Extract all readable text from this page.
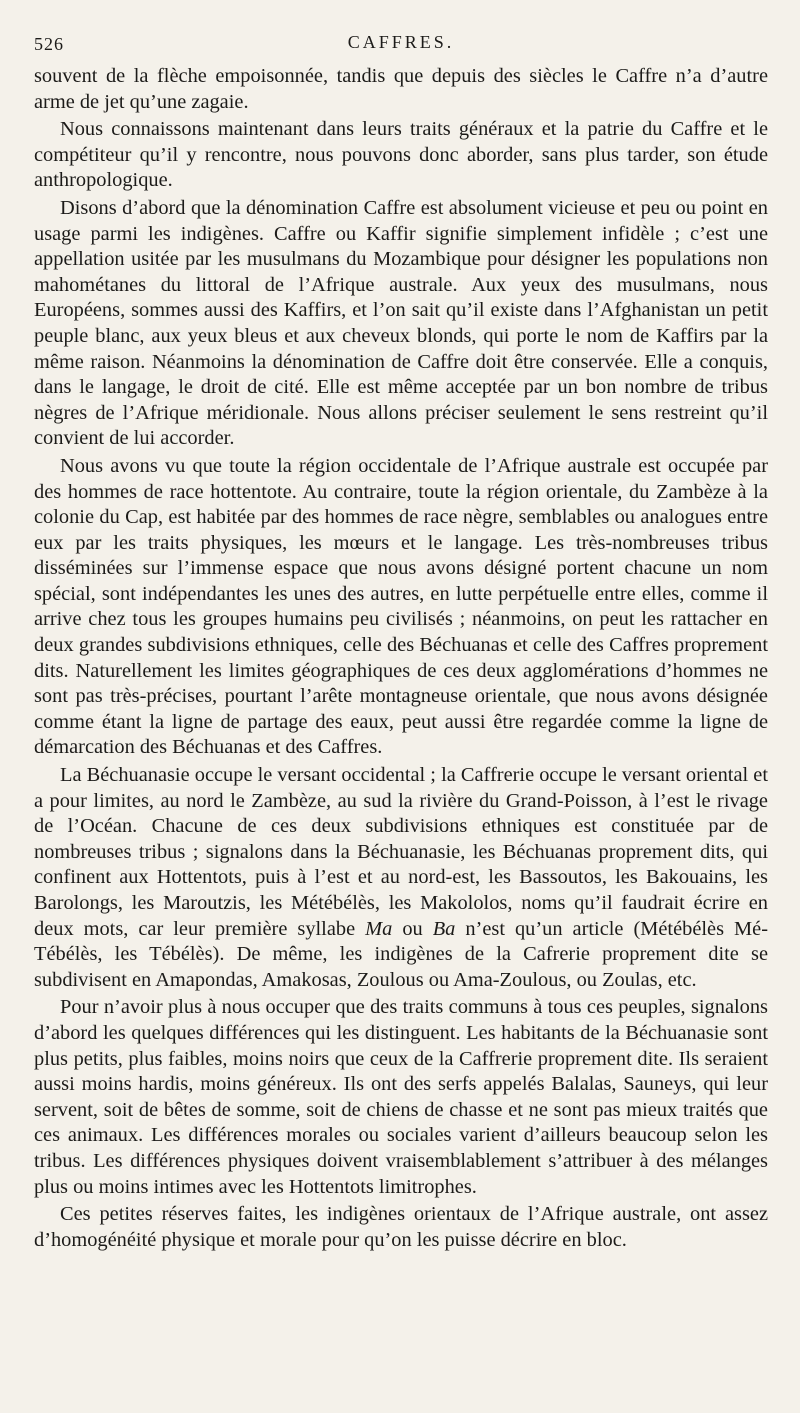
526	CAFFRES.

souvent de la flèche empoisonnée, tandis que depuis des siècles le Caffre n’a d’autre arme de jet qu’une zagaie.

Nous connaissons maintenant dans leurs traits généraux et la patrie du Caffre et le compétiteur qu’il y rencontre, nous pouvons donc aborder, sans plus tarder, son étude anthropologique.

Disons d’abord que la dénomination Caffre est absolument vicieuse et peu ou point en usage parmi les indigènes. Caffre ou Kaffir signifie simplement infidèle ; c’est une appellation usitée par les musulmans du Mozambique pour désigner les populations non mahométanes du littoral de l’Afrique australe. Aux yeux des musulmans, nous Européens, sommes aussi des Kaffirs, et l’on sait qu’il existe dans l’Afghanistan un petit peuple blanc, aux yeux bleus et aux cheveux blonds, qui porte le nom de Kaffirs par la même raison. Néanmoins la dénomination de Caffre doit être conservée. Elle a conquis, dans le langage, le droit de cité. Elle est même acceptée par un bon nombre de tribus nègres de l’Afrique méridionale. Nous allons préciser seulement le sens restreint qu’il convient de lui accorder.

Nous avons vu que toute la région occidentale de l’Afrique australe est occupée par des hommes de race hottentote. Au contraire, toute la région orientale, du Zambèze à la colonie du Cap, est habitée par des hommes de race nègre, semblables ou analogues entre eux par les traits physiques, les mœurs et le langage. Les très-nombreuses tribus disséminées sur l’immense espace que nous avons désigné portent chacune un nom spécial, sont indépendantes les unes des autres, en lutte perpétuelle entre elles, comme il arrive chez tous les groupes humains peu civilisés ; néanmoins, on peut les rattacher en deux grandes subdivisions ethniques, celle des Béchuanas et celle des Caffres proprement dits. Naturellement les limites géographiques de ces deux agglomérations d’hommes ne sont pas très-précises, pourtant l’arête montagneuse orientale, que nous avons désignée comme étant la ligne de partage des eaux, peut aussi être regardée comme la ligne de démarcation des Béchuanas et des Caffres.

La Béchuanasie occupe le versant occidental ; la Caffrerie occupe le versant oriental et a pour limites, au nord le Zambèze, au sud la rivière du Grand-Poisson, à l’est le rivage de l’Océan. Chacune de ces deux subdivisions ethniques est constituée par de nombreuses tribus ; signalons dans la Béchuanasie, les Béchuanas proprement dits, qui confinent aux Hottentots, puis à l’est et au nord-est, les Bassoutos, les Bakouains, les Barolongs, les Maroutzis, les Métébélès, les Makololos, noms qu’il faudrait écrire en deux mots, car leur première syllabe Ma ou Ba n’est qu’un article (Métébélès Mé-Tébélès, les Tébélès). De même, les indigènes de la Cafrerie proprement dite se subdivisent en Amapondas, Amakosas, Zoulous ou Ama-Zoulous, ou Zoulas, etc.

Pour n’avoir plus à nous occuper que des traits communs à tous ces peuples, signalons d’abord les quelques différences qui les distinguent. Les habitants de la Béchuanasie sont plus petits, plus faibles, moins noirs que ceux de la Caffrerie proprement dite. Ils seraient aussi moins hardis, moins généreux. Ils ont des serfs appelés Balalas, Sauneys, qui leur servent, soit de bêtes de somme, soit de chiens de chasse et ne sont pas mieux traités que ces animaux. Les différences morales ou sociales varient d’ailleurs beaucoup selon les tribus. Les différences physiques doivent vraisemblablement s’attribuer à des mélanges plus ou moins intimes avec les Hottentots limitrophes.

Ces petites réserves faites, les indigènes orientaux de l’Afrique australe, ont assez d’homogénéité physique et morale pour qu’on les puisse décrire en bloc.
